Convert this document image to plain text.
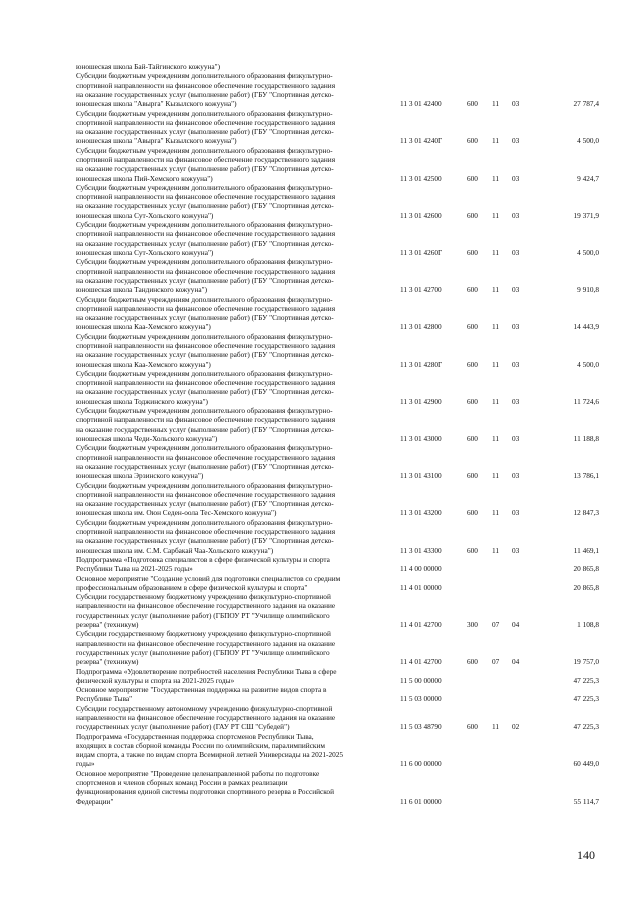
юношеская школа Бай-Тайгинского кожууна")
Субсидии бюджетным учреждениям дополнительного образования физкультурно-
спортивной направленности на финансовое обеспечение государственного задания
на оказание государственных услуг (выполнение работ) (ГБУ "Спортивная детско-
юношеская школа "Авырга" Кызылского кожууна")	11 3 01 42400	600 11 03	27 787,4
Субсидии бюджетным учреждениям дополнительного образования физкультурно-
спортивной направленности на финансовое обеспечение государственного задания
на оказание государственных услуг (выполнение работ) (ГБУ "Спортивная детско-
юношеская школа "Авырга" Кызылского кожууна")	11 3 01 4240Г	600 11 03	4 500,0
Субсидии бюджетным учреждениям дополнительного образования физкультурно-
спортивной направленности на финансовое обеспечение государственного задания
на оказание государственных услуг (выполнение работ) (ГБУ "Спортивная детско-
юношеская школа Пий-Хемского кожууна")	11 3 01 42500	600 11 03	9 424,7
Субсидии бюджетным учреждениям дополнительного образования физкультурно-
спортивной направленности на финансовое обеспечение государственного задания
на оказание государственных услуг (выполнение работ) (ГБУ "Спортивная детско-
юношеская школа Сут-Хольского кожууна")	11 3 01 42600	600 11 03	19 371,9
Субсидии бюджетным учреждениям дополнительного образования физкультурно-
спортивной направленности на финансовое обеспечение государственного задания
на оказание государственных услуг (выполнение работ) (ГБУ "Спортивная детско-
юношеская школа Сут-Хольского кожууна")	11 3 01 4260Г	600 11 03	4 500,0
Субсидии бюджетным учреждениям дополнительного образования физкультурно-
спортивной направленности на финансовое обеспечение государственного задания
на оказание государственных услуг (выполнение работ) (ГБУ "Спортивная детско-
юношеская школа Тандинского кожууна")	11 3 01 42700	600 11 03	9 910,8
Субсидии бюджетным учреждениям дополнительного образования физкультурно-
спортивной направленности на финансовое обеспечение государственного задания
на оказание государственных услуг (выполнение работ) (ГБУ "Спортивная детско-
юношеская школа Каа-Хемского кожууна")	11 3 01 42800	600 11 03	14 443,9
Субсидии бюджетным учреждениям дополнительного образования физкультурно-
спортивной направленности на финансовое обеспечение государственного задания
на оказание государственных услуг (выполнение работ) (ГБУ "Спортивная детско-
юношеская школа Каа-Хемского кожууна")	11 3 01 4280Г	600 11 03	4 500,0
Субсидии бюджетным учреждениям дополнительного образования физкультурно-
спортивной направленности на финансовое обеспечение государственного задания
на оказание государственных услуг (выполнение работ) (ГБУ "Спортивная детско-
юношеская школа Тоджинского кожууна")	11 3 01 42900	600 11 03	11 724,6
Субсидии бюджетным учреждениям дополнительного образования физкультурно-
спортивной направленности на финансовое обеспечение государственного задания
на оказание государственных услуг (выполнение работ) (ГБУ "Спортивная детско-
юношеская школа Чеди-Хольского кожууна")	11 3 01 43000	600 11 03	11 188,8
Субсидии бюджетным учреждениям дополнительного образования физкультурно-
спортивной направленности на финансовое обеспечение государственного задания
на оказание государственных услуг (выполнение работ) (ГБУ "Спортивная детско-
юношеская школа Эрзинского кожууна")	11 3 01 43100	600 11 03	13 786,1
Субсидии бюджетным учреждениям дополнительного образования физкультурно-
спортивной направленности на финансовое обеспечение государственного задания
на оказание государственных услуг (выполнение работ) (ГБУ "Спортивная детско-
юношеская школа им. Оюн Седен-оола Тес-Хемского кожууна")	11 3 01 43200	600 11 03	12 847,3
Субсидии бюджетным учреждениям дополнительного образования физкультурно-
спортивной направленности на финансовое обеспечение государственного задания
на оказание государственных услуг (выполнение работ) (ГБУ "Спортивная детско-
юношеская школа им. С.М. Сарбакай Чаа-Хольского кожууна")	11 3 01 43300	600 11 03	11 469,1
Подпрограмма «Подготовка специалистов в сфере физической культуры и спорта
Республики Тыва на 2021-2025 годы»	11 4 00 00000	20 865,8
Основное мероприятие "Создание условий для подготовки специалистов со средним
профессиональным образованием в сфере физической культуры и спорта"	11 4 01 00000	20 865,8
Субсидии государственному бюджетному учреждению физкультурно-спортивной
направленности на финансовое обеспечение государственного задания на оказание
государственных услуг (выполнение работ) (ГБПОУ РТ "Училище олимпийского
резерва" (техникум)	11 4 01 42700	300 07 04	1 108,8
Субсидии государственному бюджетному учреждению физкультурно-спортивной
направленности на финансовое обеспечение государственного задания на оказание
государственных услуг (выполнение работ) (ГБПОУ РТ "Училище олимпийского
резерва" (техникум)	11 4 01 42700	600 07 04	19 757,0
Подпрограмма «Удовлетворение потребностей населения Республики Тыва в сфере
физической культуры и спорта на 2021-2025 годы»	11 5 00 00000	47 225,3
Основное мероприятие "Государственная поддержка на развитие видов спорта в
Республике Тыва"	11 5 03 00000	47 225,3
Субсидии государственному автономному учреждению физкультурно-спортивной
направленности на финансовое обеспечение государственного задания на оказание
государственных услуг (выполнение работ) (ГАУ РТ СШ "Субедей")	11 5 03 48790	600 11 02	47 225,3
Подпрограмма «Государственная поддержка спортсменов Республики Тыва,
входящих в состав сборной команды России по олимпийским, паралимпийским
видам спорта, а также по видам спорта Всемирной летней Универсиады на 2021-2025
годы»	11 6 00 00000	60 449,0
Основное мероприятие "Проведение целенаправленной работы по подготовке
спортсменов и членов сборных команд России в рамках реализации
функционирования единой системы подготовки спортивного резерва в Российской
Федерации"	11 6 01 00000	55 114,7
140
